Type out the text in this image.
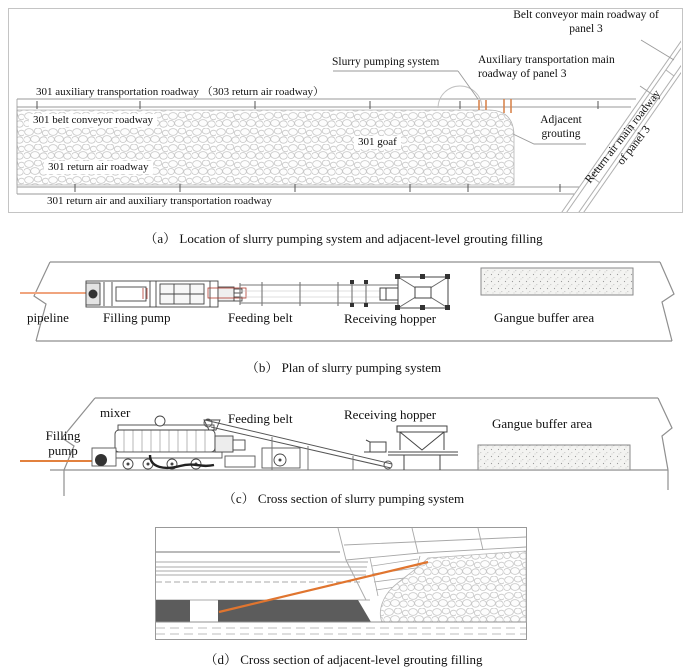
301 auxiliary transportation roadway （303 return air roadway）
301 belt conveyor roadway
301 goaf
301 return air roadway
301 return air and auxiliary transportation roadway
Slurry pumping system
Belt conveyor main roadway of panel 3
Auxiliary transportation main roadway of panel 3
Adjacent grouting Return air main roadway of panel 3
（a） Location of slurry pumping system and adjacent-level grouting filling
pipeline	Filling pump	Feeding belt	Receiving hopper	Gangue buffer area
（b） Plan of slurry pumping system
mixer
Filling pump
Feeding belt	Receiving hopper
Gangue buffer area
（c） Cross section of slurry pumping system
（d） Cross section of adjacent-level grouting filling
